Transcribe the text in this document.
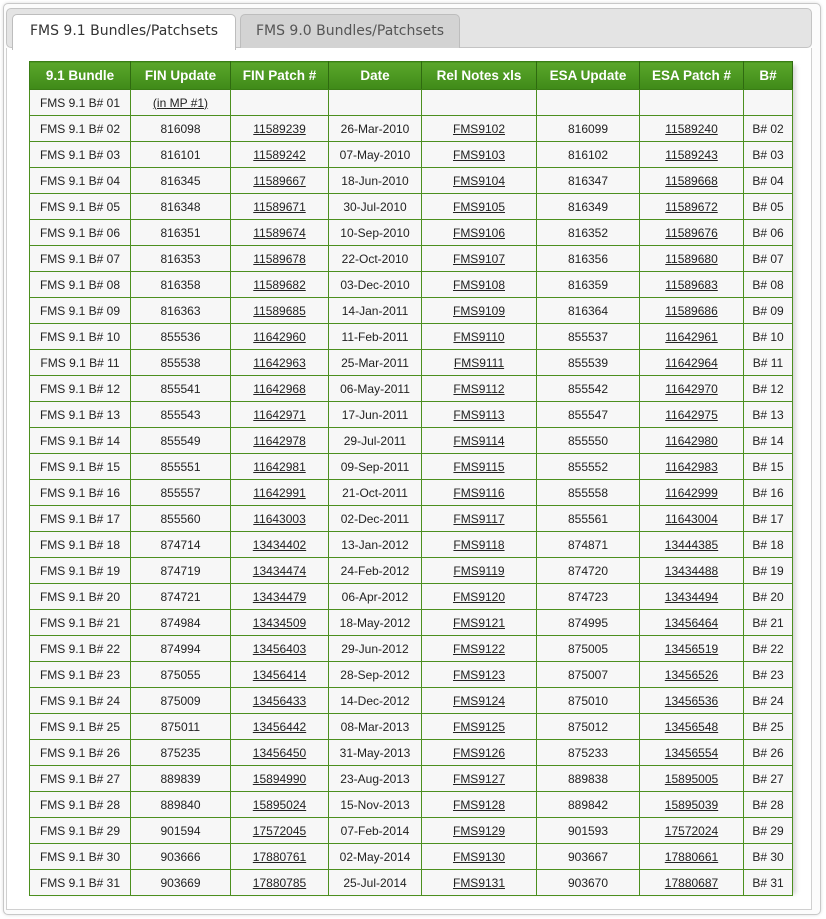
FMS 9.1 Bundles/Patchsets	FMS 9.0 Bundles/Patchsets
9.1 Bundle	FIN Update	FIN Patch #	Date	Rel Notes xls	ESA Update	ESA Patch #	B#
FMS 9.1 B# 01	(in MP #1)						
FMS 9.1 B# 02	816098	11589239	26-Mar-2010	FMS9102	816099	11589240	B# 02
FMS 9.1 B# 03	816101	11589242	07-May-2010	FMS9103	816102	11589243	B# 03
FMS 9.1 B# 04	816345	11589667	18-Jun-2010	FMS9104	816347	11589668	B# 04
FMS 9.1 B# 05	816348	11589671	30-Jul-2010	FMS9105	816349	11589672	B# 05
FMS 9.1 B# 06	816351	11589674	10-Sep-2010	FMS9106	816352	11589676	B# 06
FMS 9.1 B# 07	816353	11589678	22-Oct-2010	FMS9107	816356	11589680	B# 07
FMS 9.1 B# 08	816358	11589682	03-Dec-2010	FMS9108	816359	11589683	B# 08
FMS 9.1 B# 09	816363	11589685	14-Jan-2011	FMS9109	816364	11589686	B# 09
FMS 9.1 B# 10	855536	11642960	11-Feb-2011	FMS9110	855537	11642961	B# 10
FMS 9.1 B# 11	855538	11642963	25-Mar-2011	FMS9111	855539	11642964	B# 11
FMS 9.1 B# 12	855541	11642968	06-May-2011	FMS9112	855542	11642970	B# 12
FMS 9.1 B# 13	855543	11642971	17-Jun-2011	FMS9113	855547	11642975	B# 13
FMS 9.1 B# 14	855549	11642978	29-Jul-2011	FMS9114	855550	11642980	B# 14
FMS 9.1 B# 15	855551	11642981	09-Sep-2011	FMS9115	855552	11642983	B# 15
FMS 9.1 B# 16	855557	11642991	21-Oct-2011	FMS9116	855558	11642999	B# 16
FMS 9.1 B# 17	855560	11643003	02-Dec-2011	FMS9117	855561	11643004	B# 17
FMS 9.1 B# 18	874714	13434402	13-Jan-2012	FMS9118	874871	13444385	B# 18
FMS 9.1 B# 19	874719	13434474	24-Feb-2012	FMS9119	874720	13434488	B# 19
FMS 9.1 B# 20	874721	13434479	06-Apr-2012	FMS9120	874723	13434494	B# 20
FMS 9.1 B# 21	874984	13434509	18-May-2012	FMS9121	874995	13456464	B# 21
FMS 9.1 B# 22	874994	13456403	29-Jun-2012	FMS9122	875005	13456519	B# 22
FMS 9.1 B# 23	875055	13456414	28-Sep-2012	FMS9123	875007	13456526	B# 23
FMS 9.1 B# 24	875009	13456433	14-Dec-2012	FMS9124	875010	13456536	B# 24
FMS 9.1 B# 25	875011	13456442	08-Mar-2013	FMS9125	875012	13456548	B# 25
FMS 9.1 B# 26	875235	13456450	31-May-2013	FMS9126	875233	13456554	B# 26
FMS 9.1 B# 27	889839	15894990	23-Aug-2013	FMS9127	889838	15895005	B# 27
FMS 9.1 B# 28	889840	15895024	15-Nov-2013	FMS9128	889842	15895039	B# 28
FMS 9.1 B# 29	901594	17572045	07-Feb-2014	FMS9129	901593	17572024	B# 29
FMS 9.1 B# 30	903666	17880761	02-May-2014	FMS9130	903667	17880661	B# 30
FMS 9.1 B# 31	903669	17880785	25-Jul-2014	FMS9131	903670	17880687	B# 31
